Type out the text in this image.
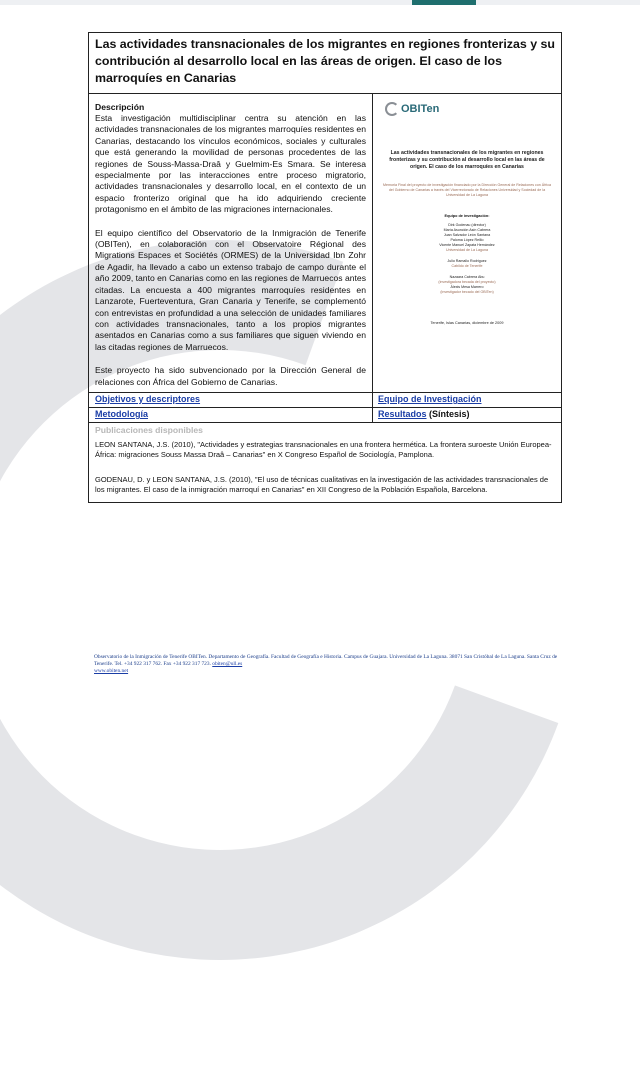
Las actividades transnacionales de los migrantes en regiones fronterizas y su contribución al desarrollo local en las áreas de origen. El caso de los marroquíes en Canarias
Descripción

Esta investigación multidisciplinar centra su atención en las actividades transnacionales de los migrantes marroquíes residentes en Canarias, destacando los vínculos económicos, sociales y culturales que está generando la movilidad de personas procedentes de las regiones de Souss-Massa-Draâ y Guelmim-Es Smara. Se interesa especialmente por las interacciones entre proceso migratorio, actividades transnacionales y desarrollo local, en el contexto de un espacio fronterizo original que ha ido adquiriendo creciente protagonismo en el ámbito de las migraciones internacionales.

El equipo científico del Observatorio de la Inmigración de Tenerife (OBITen), en colaboración con el Observatoire Régional des Migrations Espaces et Sociétés (ORMES) de la Universidad Ibn Zohr de Agadir, ha llevado a cabo un extenso trabajo de campo durante el año 2009, tanto en Canarias como en las regiones de Marruecos antes citadas. La encuesta a 400 migrantes marroquíes residentes en Lanzarote, Fuerteventura, Gran Canaria y Tenerife, se complementó con entrevistas en profundidad a una selección de unidades familiares con actividades transnacionales, tanto a los propios migrantes asentados en Canarias como a sus familiares que siguen viviendo en las citadas regiones de Marruecos.

Este proyecto ha sido subvencionado por la Dirección General de relaciones con África del Gobierno de Canarias.

OBITen
Las actividades transnacionales de los migrantes en regiones fronterizas y su contribución al desarrollo local en las áreas de origen. El caso de los marroquíes en Canarias
Memoria Final del proyecto de investigación financiado por la Dirección General de Relaciones con África del Gobierno de Canarias a través del Vicerrectorado de Relaciones Universidad y Sociedad de la Universidad de La Laguna
Equipo de investigación:
Dirk Godenau (director)
María Asunción Asín Cabrera
Juan Salvador León Santana
Paloma López Reillo
Vicente Manuel Zapata Hernández
Universidad de La Laguna
Julio Ramallo Rodríguez
Cabildo de Tenerife
Nazaara Cabrera Abu
(investigadora becada del proyecto)
Álexis Mesa Marrero
(investigador becado del OBITen)
Tenerife, Islas Canarias, diciembre de 2009
Objetivos y descriptores	Equipo de Investigación
Metodología	Resultados (Síntesis)
Publicaciones disponibles
LEON SANTANA, J.S. (2010), "Actividades y estrategias transnacionales en una frontera hermética. La frontera suroeste Unión Europea-África: migraciones Souss Massa Draâ – Canarias" en X Congreso Español de Sociología, Pamplona.
GODENAU, D. y LEON SANTANA, J.S. (2010), "El uso de técnicas cualitativas en la investigación de las actividades transnacionales de los migrantes. El caso de la inmigración marroquí en Canarias" en XII Congreso de la Población Española, Barcelona.
Observatorio de la Inmigración de Tenerife OBITen. Departamento de Geografía. Facultad de Geografía e Historia. Campus de Guajara. Universidad de La Laguna. 38071 San Cristóbal de La Laguna. Santa Cruz de Tenerife. Tel. +34 922 317 762. Fax +34 922 317 723. obiten@ull.es
www.obiten.net
